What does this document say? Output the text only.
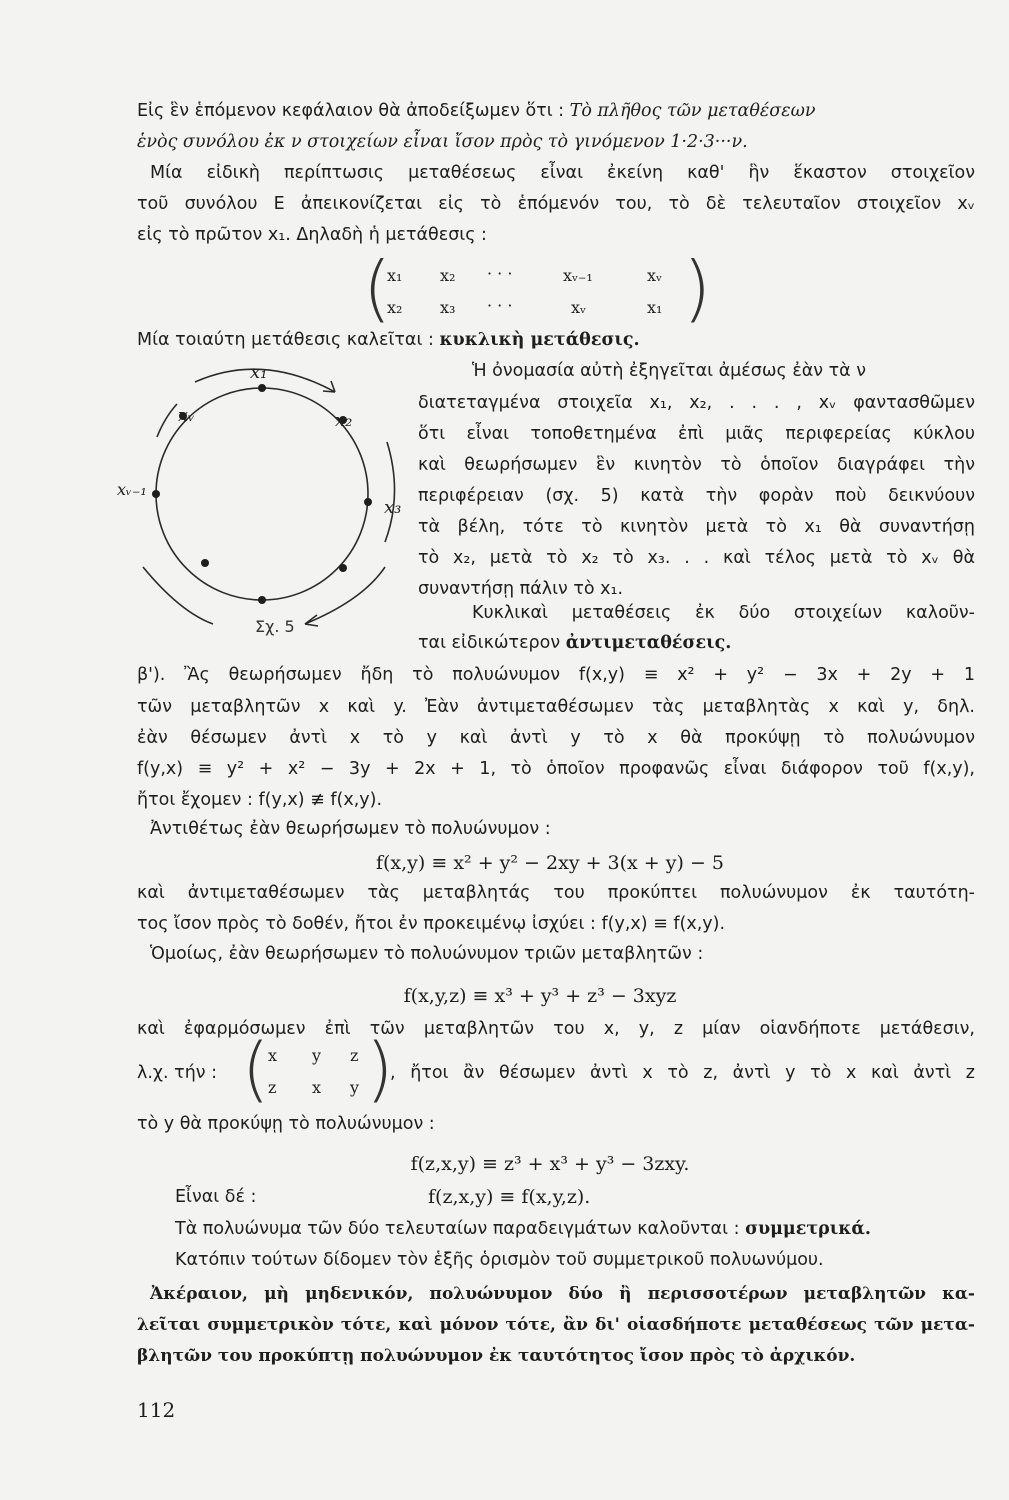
Εἰς ἓν ἑπόμενον κεφάλαιον θὰ ἀποδείξωμεν ὅτι : Τὸ πλῆθος τῶν μεταθέσεων
ἑνὸς συνόλου ἐκ ν στοιχείων εἶναι ἴσον πρὸς τὸ γινόμενον 1·2·3···ν.
Μία εἰδικὴ περίπτωσις μεταθέσεως εἶναι ἐκείνη καθ' ἣν ἕκαστον στοιχεῖον
τοῦ συνόλου Ε ἀπεικονίζεται εἰς τὸ ἑπόμενόν του, τὸ δὲ τελευταῖον στοιχεῖον xᵥ
εἰς τὸ πρῶτον x₁. Δηλαδὴ ἡ μετάθεσις :
(	)
x₁ x₂ · · ·	xᵥ₋₁	xᵥ
x₂ x₃ · · ·	xᵥ	x₁
Μία τοιαύτη μετάθεσις καλεῖται : κυκλικὴ μετάθεσις.
x₁
x₂
x₃
xᵥ₋₁
xᵥ
Σχ. 5
Ἡ ὀνομασία αὐτὴ ἐξηγεῖται ἀμέσως ἐὰν τὰ ν
διατεταγμένα στοιχεῖα x₁, x₂, . . . , xᵥ φαντασθῶμεν
ὅτι εἶναι τοποθετημένα ἐπὶ μιᾶς περιφερείας κύκλου
καὶ θεωρήσωμεν ἓν κινητὸν τὸ ὁποῖον διαγράφει τὴν
περιφέρειαν (σχ. 5) κατὰ τὴν φορὰν ποὺ δεικνύουν
τὰ βέλη, τότε τὸ κινητὸν μετὰ τὸ x₁ θὰ συναντήσῃ
τὸ x₂, μετὰ τὸ x₂ τὸ x₃. . . καὶ τέλος μετὰ τὸ xᵥ θὰ
συναντήσῃ πάλιν τὸ x₁.
Κυκλικαὶ μεταθέσεις ἐκ δύο στοιχείων καλοῦν-
ται εἰδικώτερον ἀντιμεταθέσεις.
β'). Ἂς θεωρήσωμεν ἤδη τὸ πολυώνυμον f(x,y) ≡ x² + y² − 3x + 2y + 1
τῶν μεταβλητῶν x καὶ y. Ἐὰν ἀντιμεταθέσωμεν τὰς μεταβλητὰς x καὶ y, δηλ.
ἐὰν θέσωμεν ἀντὶ x τὸ y καὶ ἀντὶ y τὸ x θὰ προκύψῃ τὸ πολυώνυμον
f(y,x) ≡ y² + x² − 3y + 2x + 1, τὸ ὁποῖον προφανῶς εἶναι διάφορον τοῦ f(x,y),
ἤτοι ἔχομεν : f(y,x) ≢ f(x,y).
Ἀντιθέτως ἐὰν θεωρήσωμεν τὸ πολυώνυμον :
f(x,y) ≡ x² + y² − 2xy + 3(x + y) − 5
καὶ ἀντιμεταθέσωμεν τὰς μεταβλητάς του προκύπτει πολυώνυμον ἐκ ταυτότη-
τος ἴσον πρὸς τὸ δοθέν, ἤτοι ἐν προκειμένῳ ἰσχύει : f(y,x) ≡ f(x,y).
Ὁμοίως, ἐὰν θεωρήσωμεν τὸ πολυώνυμον τριῶν μεταβλητῶν :
f(x,y,z) ≡ x³ + y³ + z³ − 3xyz
καὶ ἐφαρμόσωμεν ἐπὶ τῶν μεταβλητῶν του x, y, z μίαν οἱανδήποτε μετάθεσιν,
λ.χ. τήν : ( )
x y z
z x y
, ἤτοι ἂν θέσωμεν ἀντὶ x τὸ z, ἀντὶ y τὸ x καὶ ἀντὶ z
τὸ y θὰ προκύψῃ τὸ πολυώνυμον :
f(z,x,y) ≡ z³ + x³ + y³ − 3zxy.
Εἶναι δέ :	f(z,x,y) ≡ f(x,y,z).
Τὰ πολυώνυμα τῶν δύο τελευταίων παραδειγμάτων καλοῦνται : συμμετρικά.
Κατόπιν τούτων δίδομεν τὸν ἑξῆς ὁρισμὸν τοῦ συμμετρικοῦ πολυωνύμου.
Ἀκέραιον, μὴ μηδενικόν, πολυώνυμον δύο ἢ περισσοτέρων μεταβλητῶν κα-
λεῖται συμμετρικὸν τότε, καὶ μόνον τότε, ἂν δι' οἱασδήποτε μεταθέσεως τῶν μετα-
βλητῶν του προκύπτῃ πολυώνυμον ἐκ ταυτότητος ἴσον πρὸς τὸ ἀρχικόν.
112
